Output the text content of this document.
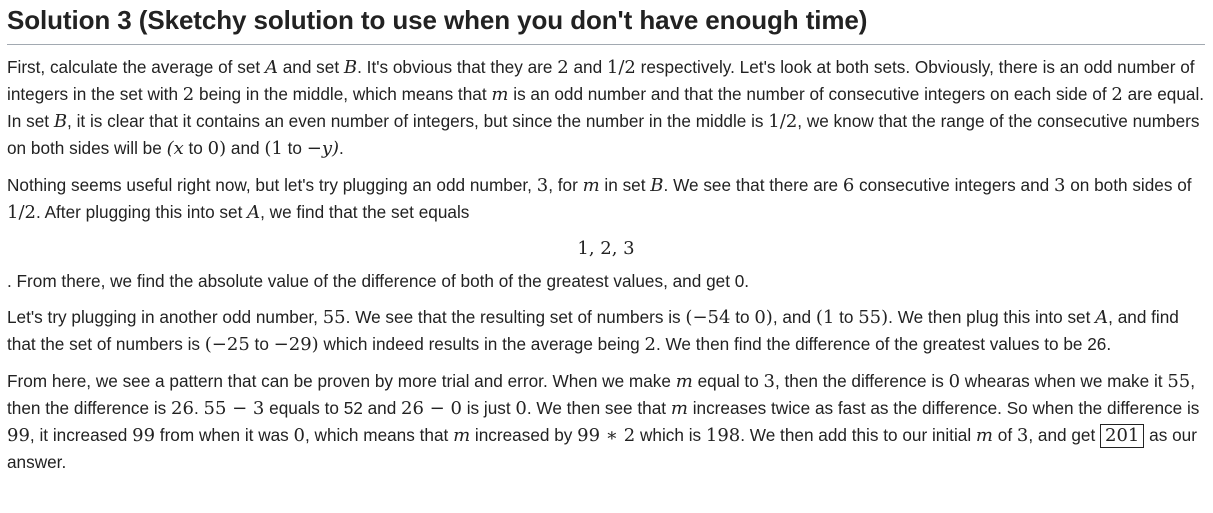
Solution 3 (Sketchy solution to use when you don't have enough time)

First, calculate the average of set A and set B. It's obvious that they are 2 and 1/2 respectively. Let's look at both sets. Obviously, there is an odd number of integers in the set with 2 being in the middle, which means that m is an odd number and that the number of consecutive integers on each side of 2 are equal. In set B, it is clear that it contains an even number of integers, but since the number in the middle is 1/2, we know that the range of the consecutive numbers on both sides will be (x to 0) and (1 to −y).

Nothing seems useful right now, but let's try plugging an odd number, 3, for m in set B. We see that there are 6 consecutive integers and 3 on both sides of 1/2. After plugging this into set A, we find that the set equals

1, 2, 3

. From there, we find the absolute value of the difference of both of the greatest values, and get 0.

Let's try plugging in another odd number, 55. We see that the resulting set of numbers is (−54 to 0), and (1 to 55). We then plug this into set A, and find that the set of numbers is (−25 to −29) which indeed results in the average being 2. We then find the difference of the greatest values to be 26.

From here, we see a pattern that can be proven by more trial and error. When we make m equal to 3, then the difference is 0 whearas when we make it 55, then the difference is 26. 55 − 3 equals to 52 and 26 − 0 is just 0. We then see that m increases twice as fast as the difference. So when the difference is 99, it increased 99 from when it was 0, which means that m increased by 99 ∗ 2 which is 198. We then add this to our initial m of 3, and get 201 as our answer.
